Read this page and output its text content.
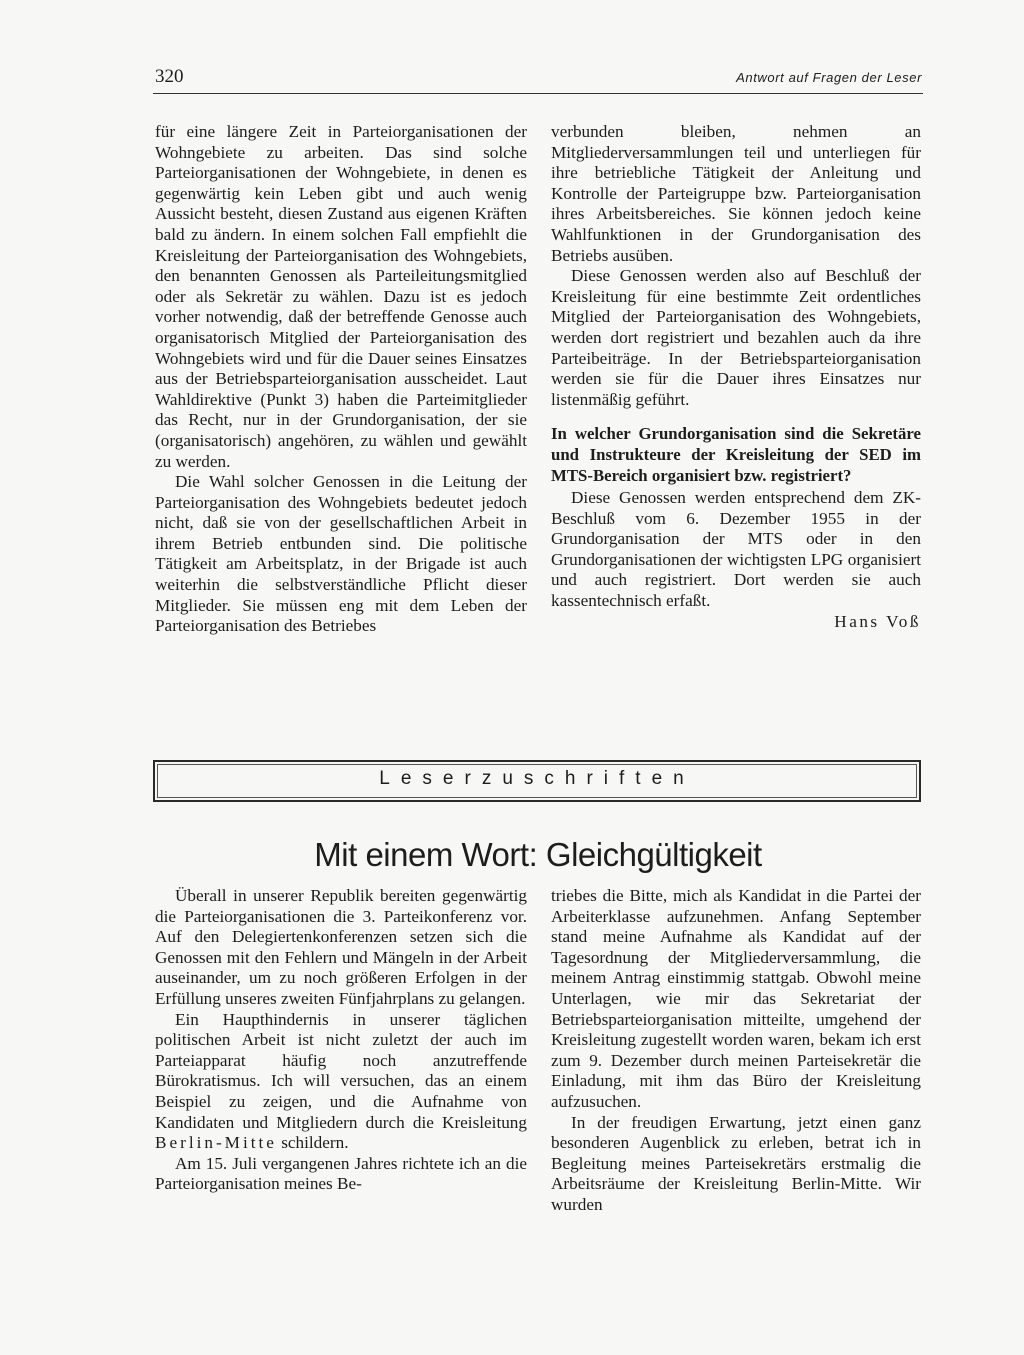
320	Antwort auf Fragen der Leser

für eine längere Zeit in Parteiorganisationen der Wohngebiete zu arbeiten. Das sind solche Parteiorganisationen der Wohngebiete, in denen es gegenwärtig kein Leben gibt und auch wenig Aussicht besteht, diesen Zustand aus eigenen Kräften bald zu ändern. In einem solchen Fall empfiehlt die Kreisleitung der Parteiorganisation des Wohngebiets, den benannten Genossen als Parteileitungsmitglied oder als Sekretär zu wählen. Dazu ist es jedoch vorher notwendig, daß der betreffende Genosse auch organisatorisch Mitglied der Parteiorganisation des Wohngebiets wird und für die Dauer seines Einsatzes aus der Betriebsparteiorganisation ausscheidet. Laut Wahldirektive (Punkt 3) haben die Parteimitglieder das Recht, nur in der Grundorganisation, der sie (organisatorisch) angehören, zu wählen und gewählt zu werden.

Die Wahl solcher Genossen in die Leitung der Parteiorganisation des Wohngebiets bedeutet jedoch nicht, daß sie von der gesellschaftlichen Arbeit in ihrem Betrieb entbunden sind. Die politische Tätigkeit am Arbeitsplatz, in der Brigade ist auch weiterhin die selbstverständliche Pflicht dieser Mitglieder. Sie müssen eng mit dem Leben der Parteiorganisation des Betriebes

verbunden bleiben, nehmen an Mitgliederversammlungen teil und unterliegen für ihre betriebliche Tätigkeit der Anleitung und Kontrolle der Parteigruppe bzw. Parteiorganisation ihres Arbeitsbereiches. Sie können jedoch keine Wahlfunktionen in der Grundorganisation des Betriebs ausüben.

Diese Genossen werden also auf Beschluß der Kreisleitung für eine bestimmte Zeit ordentliches Mitglied der Parteiorganisation des Wohngebiets, werden dort registriert und bezahlen auch da ihre Parteibeiträge. In der Betriebsparteiorganisation werden sie für die Dauer ihres Einsatzes nur listenmäßig geführt.

In welcher Grundorganisation sind die Sekretäre und Instrukteure der Kreisleitung der SED im MTS-Bereich organisiert bzw. registriert?

Diese Genossen werden entsprechend dem ZK-Beschluß vom 6. Dezember 1955 in der Grundorganisation der MTS oder in den Grundorganisationen der wichtigsten LPG organisiert und auch registriert. Dort werden sie auch kassentechnisch erfaßt.

Hans Voß

Leserzuschriften
Mit einem Wort: Gleichgültigkeit

Überall in unserer Republik bereiten gegenwärtig die Parteiorganisationen die 3. Parteikonferenz vor. Auf den Delegiertenkonferenzen setzen sich die Genossen mit den Fehlern und Mängeln in der Arbeit auseinander, um zu noch größeren Erfolgen in der Erfüllung unseres zweiten Fünfjahrplans zu gelangen.

Ein Haupthindernis in unserer täglichen politischen Arbeit ist nicht zuletzt der auch im Parteiapparat häufig noch anzutreffende Bürokratismus. Ich will versuchen, das an einem Beispiel zu zeigen, und die Aufnahme von Kandidaten und Mitgliedern durch die Kreisleitung Berlin-Mitte schildern.

Am 15. Juli vergangenen Jahres richtete ich an die Parteiorganisation meines Be-

triebes die Bitte, mich als Kandidat in die Partei der Arbeiterklasse aufzunehmen. Anfang September stand meine Aufnahme als Kandidat auf der Tagesordnung der Mitgliederversammlung, die meinem Antrag einstimmig stattgab. Obwohl meine Unterlagen, wie mir das Sekretariat der Betriebsparteiorganisation mitteilte, umgehend der Kreisleitung zugestellt worden waren, bekam ich erst zum 9. Dezember durch meinen Parteisekretär die Einladung, mit ihm das Büro der Kreisleitung aufzusuchen.

In der freudigen Erwartung, jetzt einen ganz besonderen Augenblick zu erleben, betrat ich in Begleitung meines Parteisekretärs erstmalig die Arbeitsräume der Kreisleitung Berlin-Mitte. Wir wurden
